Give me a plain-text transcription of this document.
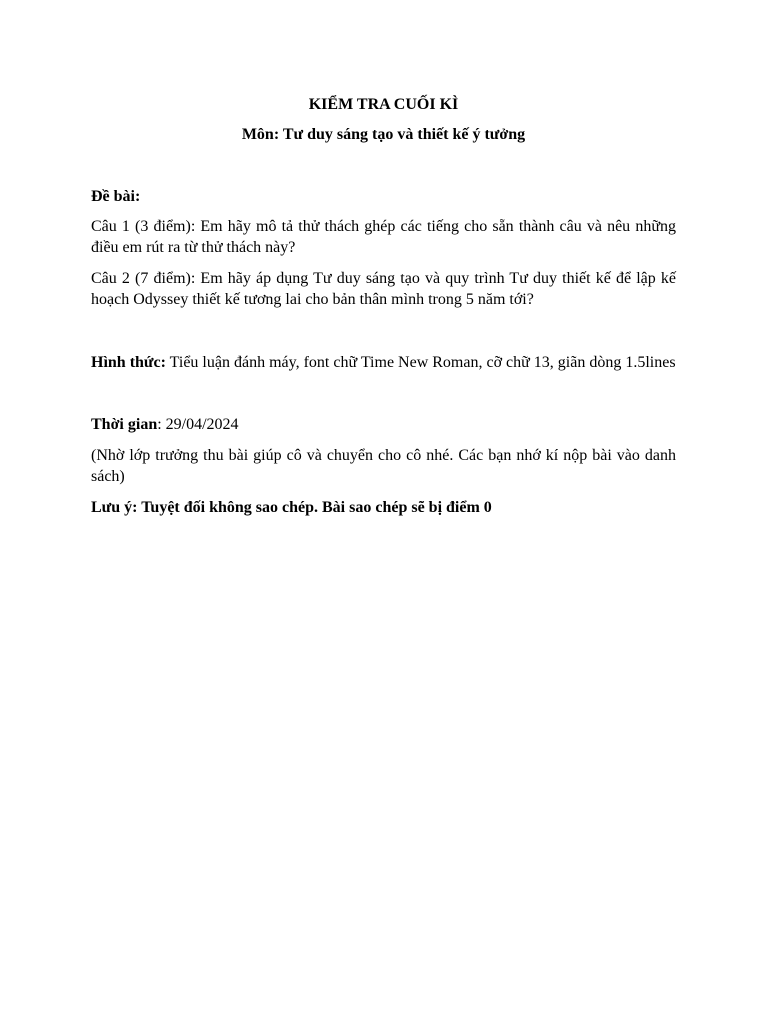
KIỂM TRA CUỐI KÌ

Môn: Tư duy sáng tạo và thiết kế ý tưởng

Đề bài:

Câu 1 (3 điểm): Em hãy mô tả thử thách ghép các tiếng cho sẵn thành câu và nêu những điều em rút ra từ thử thách này?

Câu 2 (7 điểm): Em hãy áp dụng Tư duy sáng tạo và quy trình Tư duy thiết kế để lập kế hoạch Odyssey thiết kế tương lai cho bản thân mình trong 5 năm tới?

Hình thức: Tiểu luận đánh máy, font chữ Time New Roman, cỡ chữ 13, giãn dòng 1.5lines

Thời gian: 29/04/2024

(Nhờ lớp trưởng thu bài giúp cô và chuyển cho cô nhé. Các bạn nhớ kí nộp bài vào danh sách)

Lưu ý: Tuyệt đối không sao chép. Bài sao chép sẽ bị điểm 0
